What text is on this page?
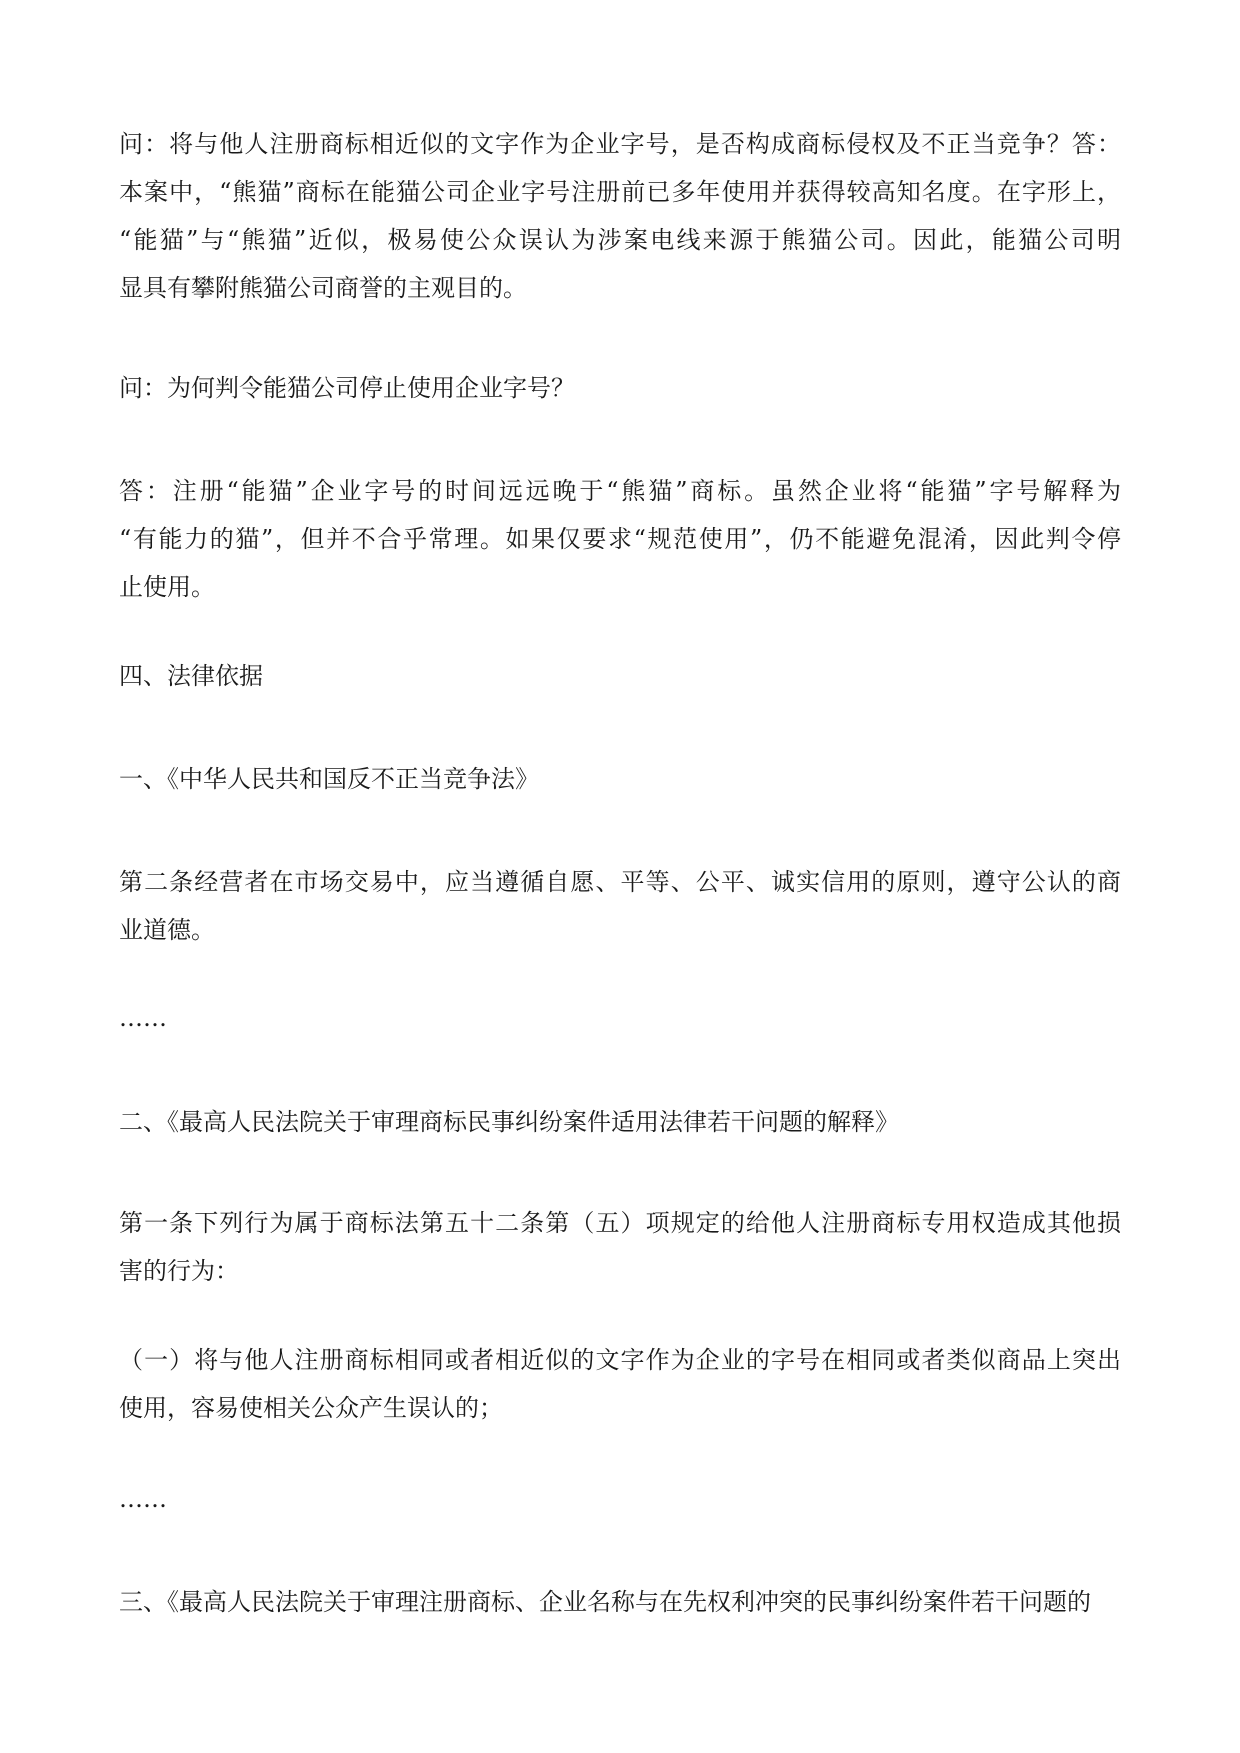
问：将与他人注册商标相近似的文字作为企业字号，是否构成商标侵权及不正当竞争？答：
本案中，“熊猫”商标在能猫公司企业字号注册前已多年使用并获得较高知名度。在字形上，
“能猫”与“熊猫”近似，极易使公众误认为涉案电线来源于熊猫公司。因此，能猫公司明
显具有攀附熊猫公司商誉的主观目的。
问：为何判令能猫公司停止使用企业字号？
答：注册“能猫”企业字号的时间远远晚于“熊猫”商标。虽然企业将“能猫”字号解释为
“有能力的猫”，但并不合乎常理。如果仅要求“规范使用”，仍不能避免混淆，因此判令停
止使用。
四、法律依据
一、《中华人民共和国反不正当竞争法》
第二条经营者在市场交易中，应当遵循自愿、平等、公平、诚实信用的原则，遵守公认的商
业道德。
……
二、《最高人民法院关于审理商标民事纠纷案件适用法律若干问题的解释》
第一条下列行为属于商标法第五十二条第（五）项规定的给他人注册商标专用权造成其他损
害的行为：
（一）将与他人注册商标相同或者相近似的文字作为企业的字号在相同或者类似商品上突出
使用，容易使相关公众产生误认的；
……
三、《最高人民法院关于审理注册商标、企业名称与在先权利冲突的民事纠纷案件若干问题的
